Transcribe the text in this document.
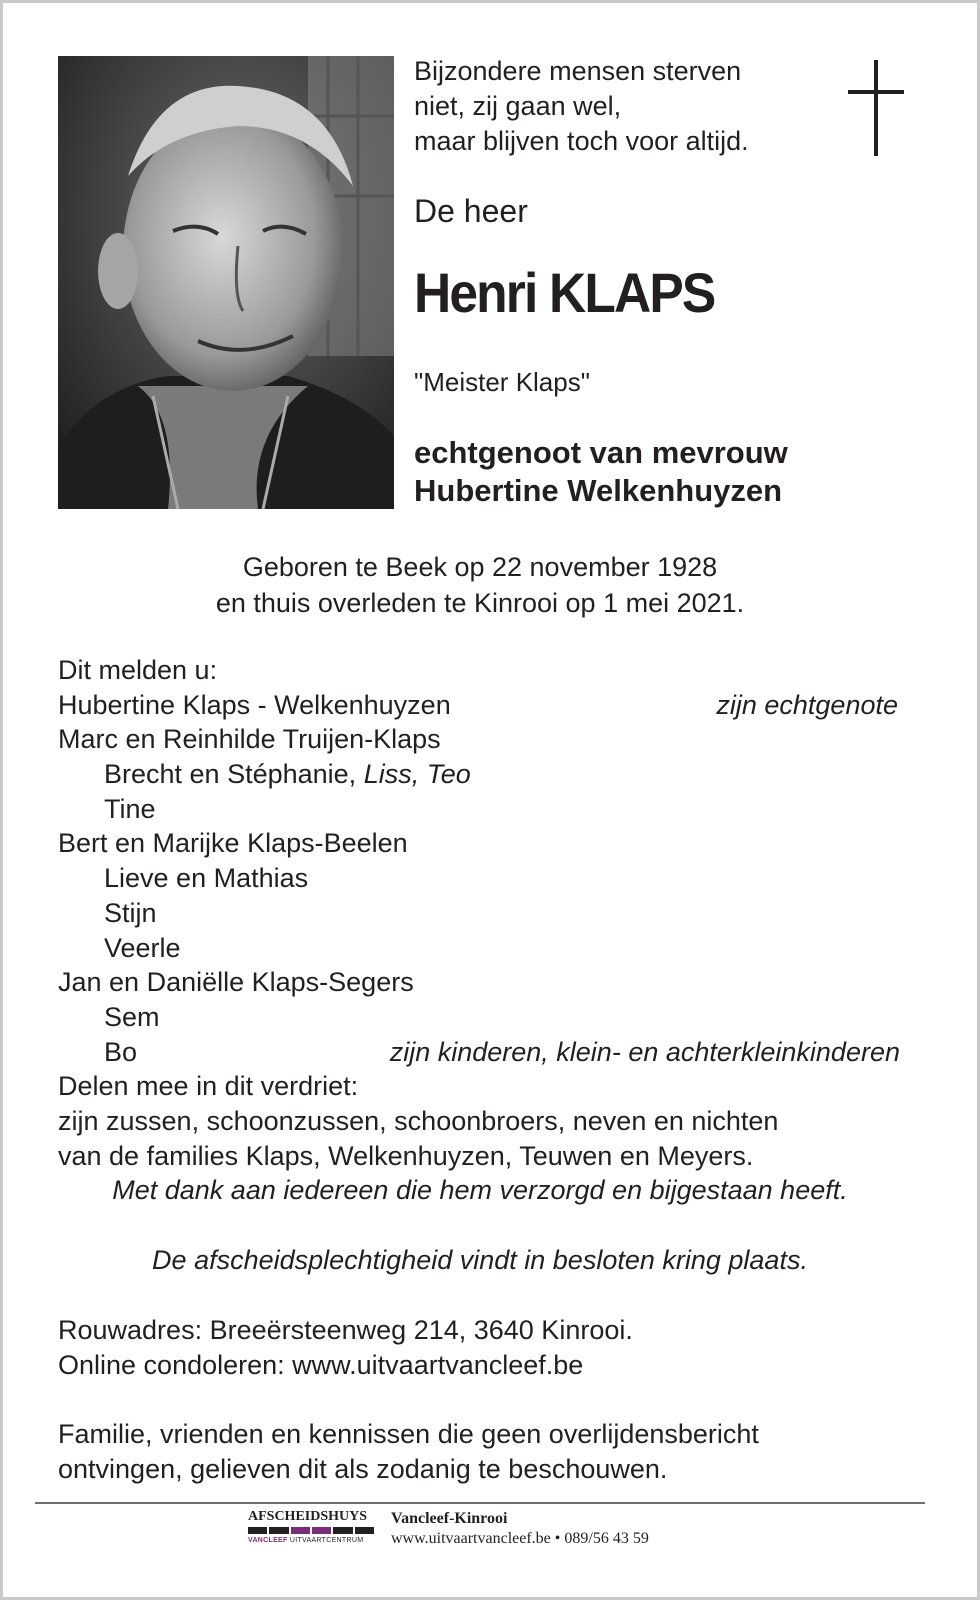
Bijzondere mensen sterven
niet, zij gaan wel,
maar blijven toch voor altijd.
De heer
Henri KLAPS
"Meister Klaps"
echtgenoot van mevrouw
Hubertine Welkenhuyzen
Geboren te Beek op 22 november 1928
en thuis overleden te Kinrooi op 1 mei 2021.
Dit melden u:
Hubertine Klaps - Welkenhuyzen	zijn echtgenote
Marc en Reinhilde Truijen-Klaps
Brecht en Stéphanie, Liss, Teo
Tine
Bert en Marijke Klaps-Beelen
Lieve en Mathias
Stijn
Veerle
Jan en Daniëlle Klaps-Segers
Sem
Bo	zijn kinderen, klein- en achterkleinkinderen
Delen mee in dit verdriet:
zijn zussen, schoonzussen, schoonbroers, neven en nichten
van de families Klaps, Welkenhuyzen, Teuwen en Meyers.
Met dank aan iedereen die hem verzorgd en bijgestaan heeft.
De afscheidsplechtigheid vindt in besloten kring plaats.
Rouwadres: Breeërsteenweg 214, 3640 Kinrooi.
Online condoleren: www.uitvaartvancleef.be
Familie, vrienden en kennissen die geen overlijdensbericht
ontvingen, gelieven dit als zodanig te beschouwen.
AFSCHEIDSHUYS
VANCLEEF UITVAARTCENTRUM
Vancleef-Kinrooi
www.uitvaartvancleef.be • 089/56 43 59
